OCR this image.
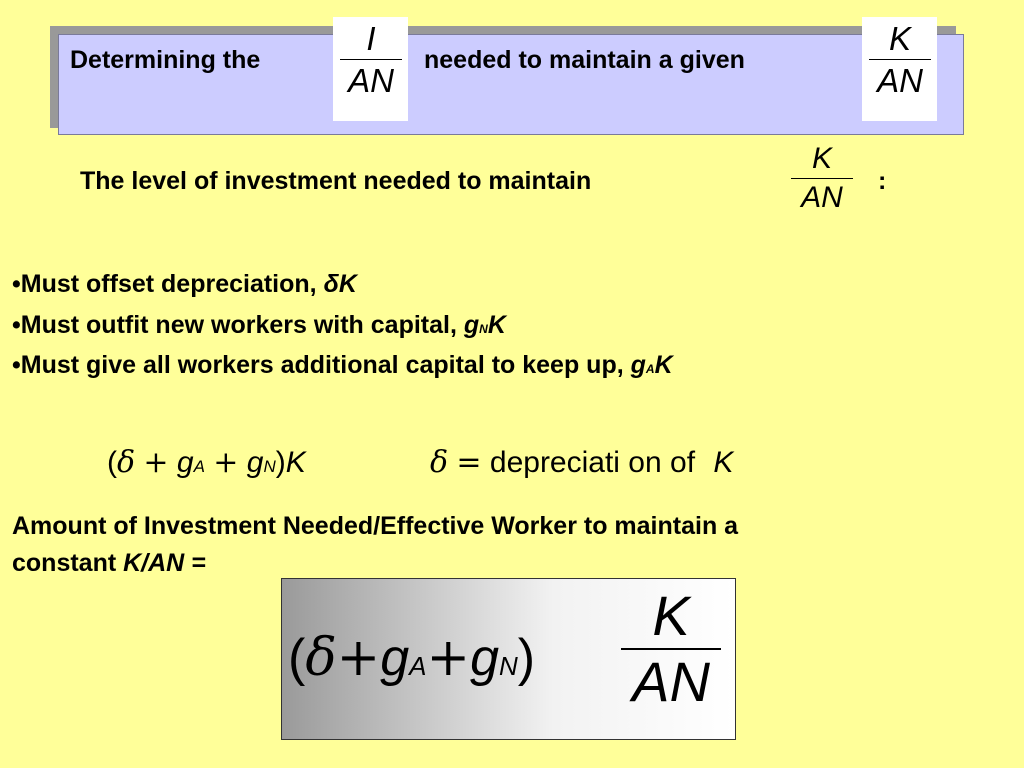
Determining the
I
AN
needed to maintain a given
K
AN
The level of investment needed to maintain
K
AN	:
•Must offset depreciation, δK
•Must outfit new workers with capital, gNK
•Must give all workers additional capital to keep up, gAK
(δ + gA + gN)K	δ = depreciati on of K
Amount of Investment Needed/Effective Worker to maintain a
constant K/AN =
(δ+gA+gN)
K
AN
